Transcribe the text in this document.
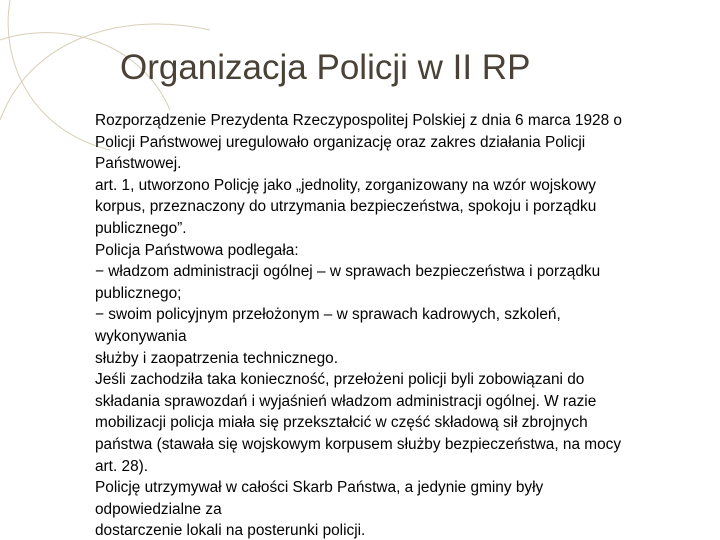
Organizacja Policji w II RP
Rozporządzenie Prezydenta Rzeczypospolitej Polskiej z dnia 6 marca 1928 o
Policji Państwowej uregulowało organizację oraz zakres działania Policji
Państwowej.
art. 1, utworzono Policję jako „jednolity, zorganizowany na wzór wojskowy
korpus, przeznaczony do utrzymania bezpieczeństwa, spokoju i porządku
publicznego”.
Policja Państwowa podlegała:
− władzom administracji ogólnej – w sprawach bezpieczeństwa i porządku
publicznego;
− swoim policyjnym przełożonym – w sprawach kadrowych, szkoleń,
wykonywania
służby i zaopatrzenia technicznego.
Jeśli zachodziła taka konieczność, przełożeni policji byli zobowiązani do
składania sprawozdań i wyjaśnień władzom administracji ogólnej. W razie
mobilizacji policja miała się przekształcić w część składową sił zbrojnych
państwa (stawała się wojskowym korpusem służby bezpieczeństwa, na mocy
art. 28).
Policję utrzymywał w całości Skarb Państwa, a jedynie gminy były
odpowiedzialne za
dostarczenie lokali na posterunki policji.
